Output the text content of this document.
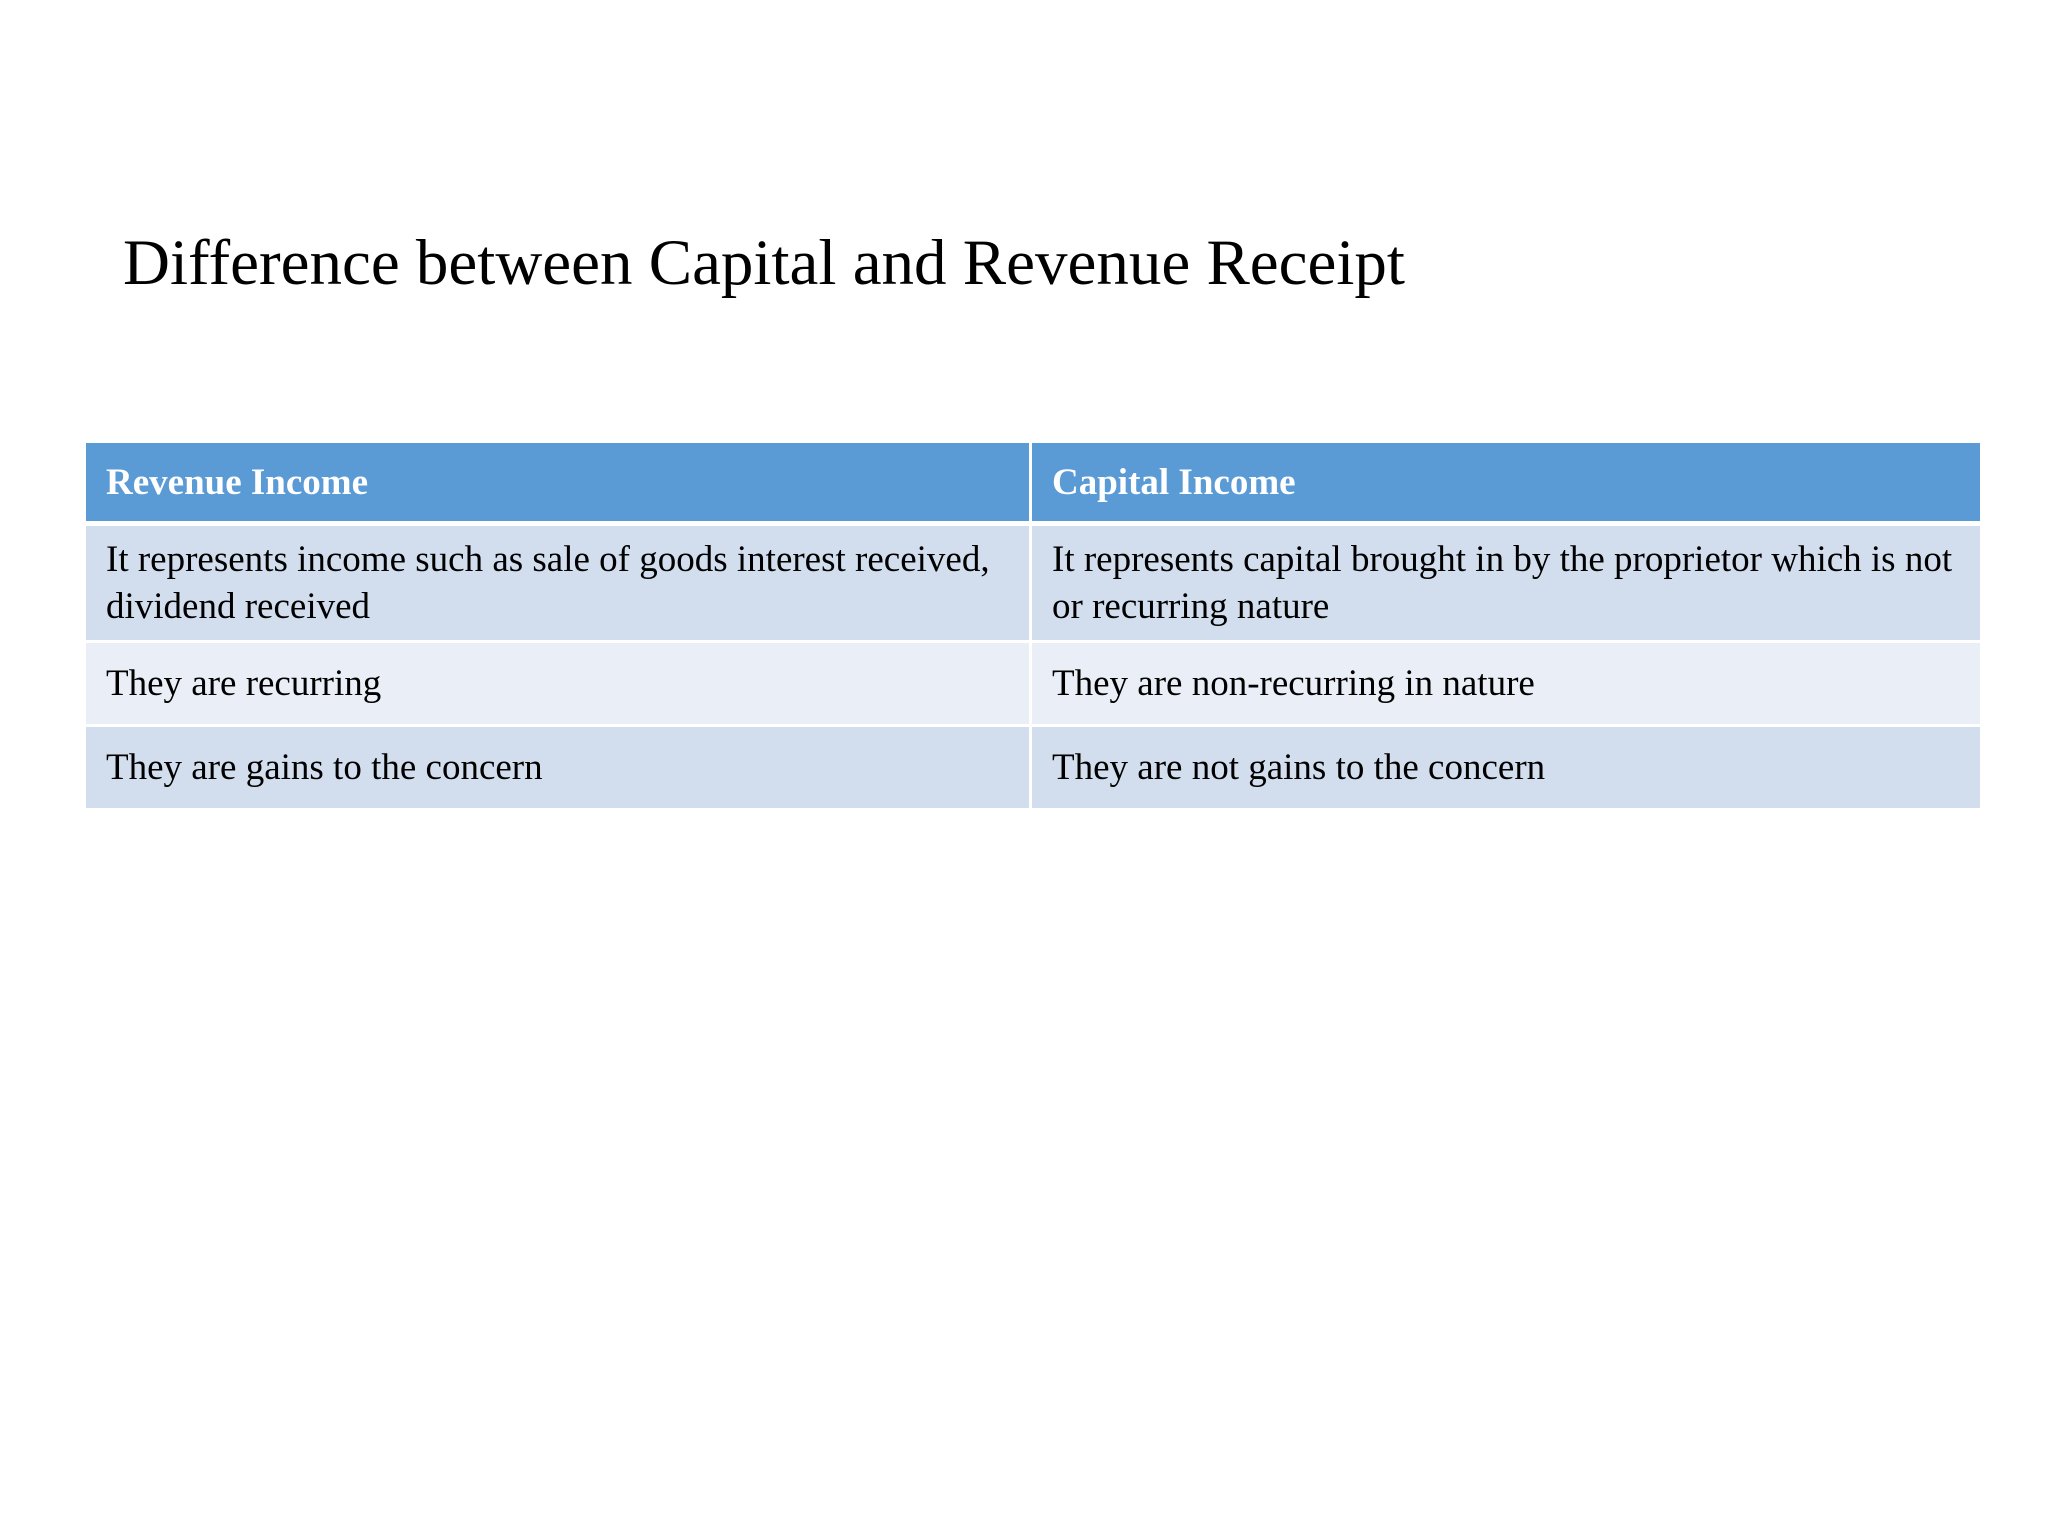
Difference between Capital and Revenue Receipt
Revenue Income	Capital Income
It represents income such as sale of goods interest received, dividend received	It represents capital brought in by the proprietor which is not or recurring nature
They are recurring	They are non-recurring in nature
They are gains to the concern	They are not gains to the concern
